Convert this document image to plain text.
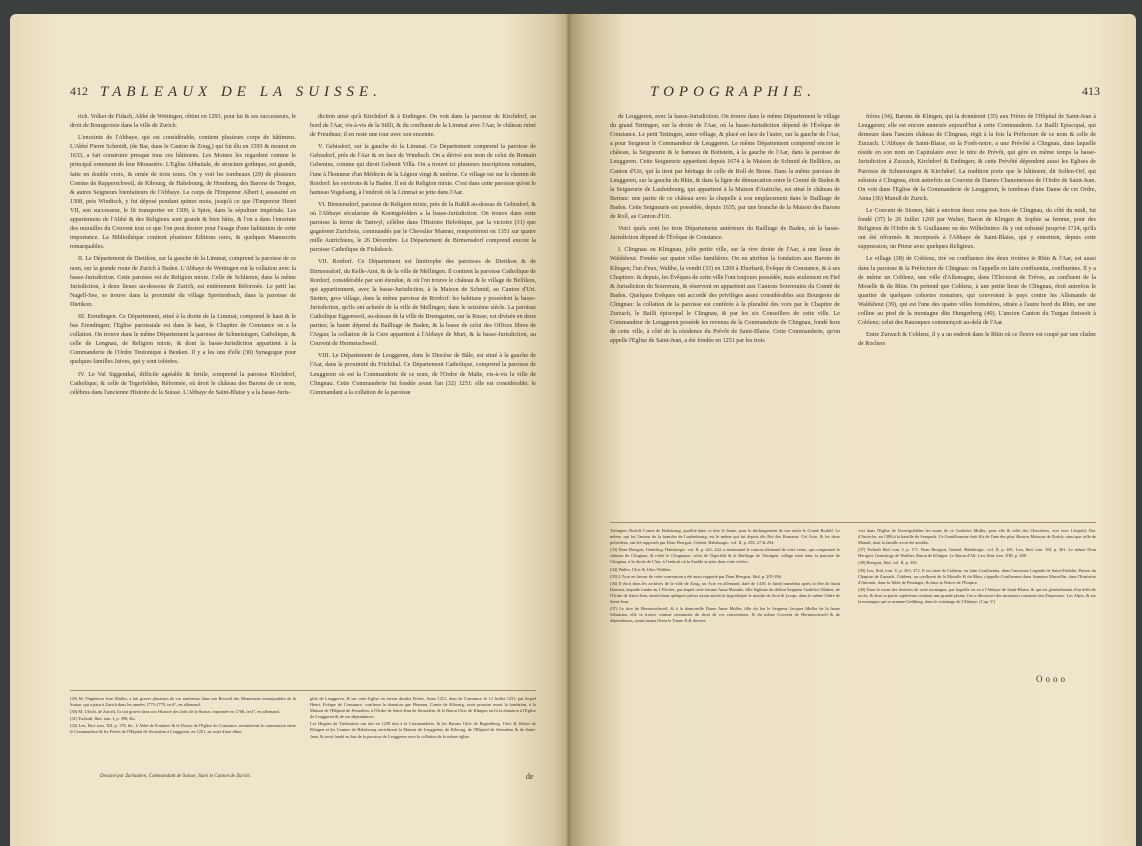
412 TABLEAUX DE LA SUISSE.

rich. Volker de Fidach, Abbé de Wettingen, obtint en 1293, pour lui & ses successeurs, le droit de Bourgeoisie dans la ville de Zurich.

L'enceinte de l'Abbaye, qui est considérable, contient plusieurs corps de bâtimens. L'Abbé Pierre Schmidt, (de Bar, dans le Canton de Zoug,) qui fut élu en 1593 & mourut en 1633, a fait construire presque tous ces bâtimens. Les Moines les regardent comme le principal ornement de leur Monastère. L'Eglise Abbatiale, de structure gothique, est grande, faite en double croix, & ornée de trois tours. On y voit les tombeaux (29) de plusieurs Comtes de Rapperschweil, de Kibourg, de Habsbourg, de Homburg, des Barons de Tengen, & autres Seigneurs bienfaiteurs de l'Abbaye. Le corps de l'Empereur Albert I, assassiné en 1308, près Windisch, y fut déposé pendant quinze mois, jusqu'à ce que l'Empereur Henri VII, son successeur, le fit transporter en 1309, à Spire, dans la sépulture impériale. Les appartemens de l'Abbé & des Religieux sont grands & bien bâtis, & l'on a dans l'enceinte des murailles du Couvent tout ce que l'on peut desirer pour l'usage d'une habitation de cette importance. La Bibliothèque contient plusieurs Editions rares, & quelques Manuscrits remarquables.

II. Le Département de Dietikon, sur la gauche de la Limmat, comprend la paroisse de ce nom, sur la grande route de Zurich à Baden. L'Abbaye de Wettingen eut la collation avec la basse-Jurisdiction. Cette paroisse est de Religion mixte. Celle de Schlieren, dans la même Jurisdiction, à deux lieues au-dessous de Zurich, est entièrement Réformée. Le petit lac Nagell-See, se trouve dans la proximité du village Spreitenbach, dans la paroisse de Dietikon.

III. Erendingen. Ce Département, situé à la droite de la Limmat, comprend le haut & le bas Erendingen; l'Eglise paroissiale est dans le haut, le Chapitre de Constance en a la collation. On trouve dans le même Département la paroisse de Schneisingen, Catholique, & celle de Lengnau, de Religion mixte, & dont la basse-Jurisdiction appartient à la Commanderie de l'Ordre Teutonique à Beuken. Il y a les uns d'elle (30) Synagogue pour quelques familles Juives, qui y sont tolérées.

IV. Le Val Siggenthal, difficile agréable & fertile, comprend la paroisse Kirchdorf, Catholique, & celle de Tegerfelden, Réformée, où droit le château des Barons de ce nom, célèbres dans l'ancienne Histoire de la Suisse. L'Abbaye de Saint-Blaise y a la basse-Juris-

diction ainsi qu'à Kirchdorf & à Endingen. On voit dans la paroisse de Kirchdorf, au bord de l'Aar, vis-à-vis de la Stilli, & du confluent de la Limmat avec l'Aar, le château ruiné de Freudnau; il en reste une tour avec son enceinte.

V. Gebisdorf, sur la gauche de la Limmat. Ce Département comprend la paroisse de Gebisdorf, près de l'Aar & en face de Windisch. On a dérivé son nom de celui du Romain Gebenius, comme qui diroit Gebenii Villa. On a trouvé ici plusieurs inscriptions romaines, l'une à l'honneur d'un Médecin de la Légion vingt & unième. Ce village est sur le chemin de Rordorf: les environs & la Baden. Il est de Religion mixte. C'est dans cette paroisse qu'est le hameau Vogelsang, à l'endroit où la Limmat se jette dans l'Aar.

VI. Birmensdorf, paroisse de Religion mixte, près de la Rußiß au-dessus de Gebisdorf, & où l'Abbaye séculariste de Koenigsfelden a la basse-Jurisdiction. On trouve dans cette paroisse la ferme de Tattwyl, célèbre dans l'Histoire Helvétique, par la victoire (31) que gagnèrent Zurichois, commandés par le Chevalier Manner, remportèrent en 1351 sur quatre mille Autrichiens, le 26 Décembre. Le Département de Birmensdorf comprend encore la paroisse Catholique de Fislisbach.

VII. Rordorf. Ce Département est limitrophe des paroisses de Dietikon & de Birmensdorf, du Kelle-Amt, & de la ville de Mellingen. Il contient la paroisse Catholique de Rordorf, considérable par son étendue, & où l'on trouve le château & le village de Bellikon, qui appartiennent, avec la basse-Jurisdiction, à la Maison de Schmid, au Canton d'Uri. Stetten, gros village, dans la même paroisse de Rordorf: les habitans y possèdent la basse-Jurisdiction, qu'ils ont achetée de la ville de Mellingen, dans le seizième siècle. La paroisse Catholique Eggenweil, au-dessus de la ville de Bremgarten, sur la Russe, est divisée en deux parties; la haute dépend du Bailliage de Baden, & la basse de celui des Offices libres de l'Argau; la collation de la Cure appartient à l'Abbaye de Muri, & la basse-Jurisdiction, au Couvent de Hermetschweil.

VIII. Le Département de Leuggeren, dans le Diocèse de Bâle, est situé à la gauche de l'Aar, dans la proximité du Frickthal. Ce Département Catholique, comprend la paroisse de Leuggeren où est la Commanderie de ce nom, de l'Ordre de Malte, vis-à-vis la ville de Clingnau. Cette Commanderie fut fondée avant l'an (32) 1251: elle est considérable; le Commandant a la collation de la paroisse

(29) M. l'Ingénieur Jean Muller, a fait graver plusieurs de ces tombeaux dans son Recueil des Monumens remarquables de la Suisse, qui a paru à Zurich dans les années 1773-1779, in-4°, en allemand.

(30) M. Ulrich, de Zurich, l'a fait graver dans son Histoire des Juifs de la Suisse, imprimée en 1768, in-4°, en allemand.

(31) Tschudi, Ibid. tom. I, p. 398, &c.

(32) Leu, Ibid. tom. XII, p. 178, &c. L'Abbé de Fonderic & le Doyen de l'Eglise de Constance, terminèrent la contestation entre le Commandeur & les Frères de l'Hôpital de Jérusalem à Leuggeren, en 1251, au sujet d'une dîme.

gliſe de Leuggeren, & sur cette Eglise en faveur desdits Frères. Anno 1251, dont de Constance le 12 Juillet 1251, par lequel Henri, Evêque de Constance, confirme la donation que Herman, Comte de Kibourg, avoit promise avant la fondation, à la Maison de l'Hôpital de Jérusalem, à l'Ordre de Saint-Jean de Jérusalem, & le Baron Ulric de Klingen en fit la donation à l'Eglise de Leuggeren & de ses dépendances.

Les Hugues de Tiefenstein ont fait en 1239 don à la Commanderie, & les Barons Ulric de Regenſberg, Ulric & Walter de Klingen et les Comtes de Habsbourg enrichirent la Maison de Leuggeren; de Kibourg, de l'Hôpital de Jérusalem & de Saint-Jean, & avoit fondé au bas de la paroisse de Leuggeren avec la collation de la même église.

Dessiné par Zurlauben, Commandant de Suisse; Suivi le Canton de Zurich.	de
TOPOGRAPHIE.	413

de Leuggeren, avec la basse-Jurisdiction. On trouve dans le même Département le village du grand Tettingen, sur la droite de l'Aar, où la basse-Jurisdiction dépend de l'Évêque de Constance. Le petit Tettingen, autre village, & placé en face de l'autre, sur la gauche de l'Aar, a pour Seigneur le Commandeur de Leuggeren. Le même Département comprend encore le château, la Seigneurie & le hameau de Bottstein, à la gauche de l'Aar, dans la paroisse de Leuggeren. Cette Seigneurie appartient depuis 1674 à la Maison de Schmid de Bellikon, au Canton d'Uri, qui la tient par héritage de celle de Roll de Berne. Dans la même paroisse de Leuggeren, sur la gauche du Rhin, & dans la ligne de démarcation entre le Comté de Baden & la Seigneurie de Laufenbourg, qui appartient à la Maison d'Autriche, est situé le château de Bernau: une partie de ce château avec la chapelle à son emplacement dans le Bailliage de Baden. Cette Seigneurie est possédée, depuis 1635, par une branche de la Maison des Barons de Roll, au Canton d'Uri.

Voici quels sont les trois Départemens antérieurs du Bailliage de Baden, où la basse-Jurisdiction dépend de l'Évêque de Constance.

I. Clingnau ou Klingnau, jolie petite ville, sur la rive droite de l'Aar, à une lieue de Waldshout. Fondée sur quatre villas familières. On en attribue la fondation aux Barons de Klingen; l'un d'eux, Walthe, la vendit (33) en 1269 à Eberhard, Évêque de Constance, & à ses Chapitres: & depuis, les Évêques de cette ville l'ont toujours possédée, mais seulement en Fief & Jurisdiction du Souverain, & réservent en appartient aux Cantons Souverains du Comté de Baden. Quelques Evêques ont accordé des privilèges assez considérables aux Bourgeois de Clingnau: la collation de la paroisse est conférée à la pluralité des voix par le Chapitre de Zurzach, le Bailli épiscopal le Clingnau, & par les six Conseillers de cette ville. Le Commandeur de Leuggeren possède les revenus de la Commanderie de Clingnau, fondé hors de cette ville, à côté de la résidence du Prévôt de Saint-Blaise. Cette Commanderie, qu'on appelle l'Eglise de Saint-Jean, a été fondée en 1251 par les trois

frères (34), Barons de Klingen, qui la donnèrent (35) aux Frères de l'Hôpital de Saint-Jean à Leuggeren; elle est encore annexée aujourd'hui à cette Commanderie. Le Bailli Episcopal, qui demeure dans l'ancien château de Clingnau, régit à la fois la Préfecture de ce nom & celle de Zurzach. L'Abbaye de Saint-Blaise, en la Forêt-noire, a une Prévôté à Clingnau, dans laquelle réside en son nom un Capitulaire avec le titre de Prévôt, qui gère en même temps la basse-Jurisdiction à Zurzach, Kirchdorf & Endingen; & cette Prévôté dépendent aussi les Eglises de Paroisse de Schneisingen & Kirchdorf. La tradition porte que le bâtiment, dit Sollen-Orf, qui subsiste à Clingnau, étoit autrefois un Couvent de Dames Chanoinesses de l'Ordre de Saint-Jean. On voit dans l'Eglise de la Commanderie de Leuggeren, le tombeau d'une Dame de cet Ordre, Anna (36) Manuß de Zurich.

Le Couvent de Sionen, bâti à environ deux cens pas hors de Clingnau, du côté du midi, fut fondé (37) le 26 Juillet 1269 par Walter, Baron de Klingen & Sophie sa femme, pour des Religieux de l'Ordre de S. Guillaume ou des Wilhelmites: ils y ont subsisté jusqu'en 1724, qu'ils ont été réformés & incorporés à l'Abbaye de Saint-Blaise, qui y entretient, depuis cette suppression, un Prieur avec quelques Religieux.

Le village (38) de Coblenz, tiré ou confluence des deux rivières le Rhin & l'Aar, est aussi dans la paroisse & la Préfecture de Clingnau: on l'appelle en latin confluentia, confluentes. Il y a de même un Coblenz, une ville d'Allemagne, dans l'Electorat de Trèves, au confluent de la Moselle & du Rhin. On prétend que Coblenz, à une petite lieue de Clingnau, étoit autrefois le quartier de quelques cohortes romaines, qui couvroient le pays contre les Allemands de Waldshout (39), qui est l'une des quatre villes forestières, située à l'autre bord du Rhin, sur une colline au pied de la montagne dite Hungerberg (40). L'ancien Canton du Turgau finissoit à Coblenz; celui des Rauraques commençoit au-delà de l'Aar.

Entre Zurzach & Coblenz, il y a un endroit dans le Rhin où ce fleuve est coupé par une chaîne de Rochers

Tettingen; Rodolf Comte de Habsbourg, qualifié dans ce titre le Jeune, pour le déchargement de son oncle le Comte Rodolf. Le même, qui fut l'auteur de la branche de Laufenbourg, est le même qui fut depuis élu Roi des Romains. Cet Acte, & les deux précédens, ont été rapportés par Dom Herrgott, Généal. Habsburgic. vol. II, p. 258, 27 & 294.

(33) Dom Herrgott, Généalog. Habsburgic. vol. II, p. 421, 422, a mentionné le contrat allemand de cette vente, qui comprenoit le château de Clingnau, & relief le Clingnauer, celui de Tegerfeld & le Bailliage de Tettingen, village situé dans la paroisse de Clingnau, à la droite de l'Aar, à l'endroit où la Suelde se jette dans cette rivière.

(34) Walter, Ulric & Ulric-Walther.

(35) L'Acte en faveur de cette convention a été aussi rapporté par Dom Herrgott, Ibid. p. 295-296.

(36) Il étoit dans les archives de la ville de Zoug, un Acte en allemand, daté de 1410, le lundi immédiat après la fête de Saint Damien, laquelle tombe au 1 Février, par lequel cette femme Anna Manuße, fille légitime du défunt Seigneur Godefroi Mulner, de l'Ordre de Saint-Jean, entreficient quelques pièces ayant autrefois hypothéqué le moulin de Sion & Loups, dans le même Ordre de Saint-Jean.

(37) Le titre de Hermetschweil, & à la demoiselle Dame Anne Muller, fille du feu le Seigneur Jacques Muller de la haute Sebastian, elle se trouve comme renommée du droit de ces conventions, & du même Couvent de Hermetschweil & de dépendances, ayant tenant Otton le Tonne II & dernier.

voir dans l'Eglise de Koenigsfelden les noms de ce Godefroi Muller; pour elle & celle des Chevaliers, voir avec Léopold, Duc d'Autriche, en 1386 à la bataille de Sempach. Ce Gentilhomme étoit fils de l'une des plus illustres Maisons de Zurich, ainsi que celle de Manuß, dont la famille avoit été anoblie.

(37) Tschudi Ibid. tom. I, p. 171. Dom Herrgott, Généal. Habsburgic. vol. II, p. 401. Leu, Ibid. tom. XII, p. 301. Le même Dom Herrgott, Genealogy de Walther, Baron de Klingen. Le Baron d'Alt. Leu, Ibid. tom. XIII, p. 308.

(38) Herrgott, Ibid. vol. II, p. 356.

(39) Leu, Ibid. tom. V, p. 363, 372. Il est situé de Coblenz, en latin Confluentia, dans l'ancienne Légende de Saint-Fridolin, Patron du Chapitre de Zurzach. Coblenz, au confluent de la Moselle & du Rhin, s'appelle Confluentes dans Ammien Marcellin, dans l'Itinéraire d'Antonin, dans la Table de Peutinger, & dans la Notice de l'Empire.

(40) Dans le mont des héritiers de cette montagne, par laquelle on va à l'Abbaye de Saint-Blaise, & qui est généralement d'un difficile accès, & dont sa partie supérieure contient une grande plaine, l'on a découvert des monnoies romaines des Empereurs. Les Alpes, & sur la montagne qui se nomme Geißberg, dans le voisinage de l'Abbaye. (Cap. V.)

Oooo
